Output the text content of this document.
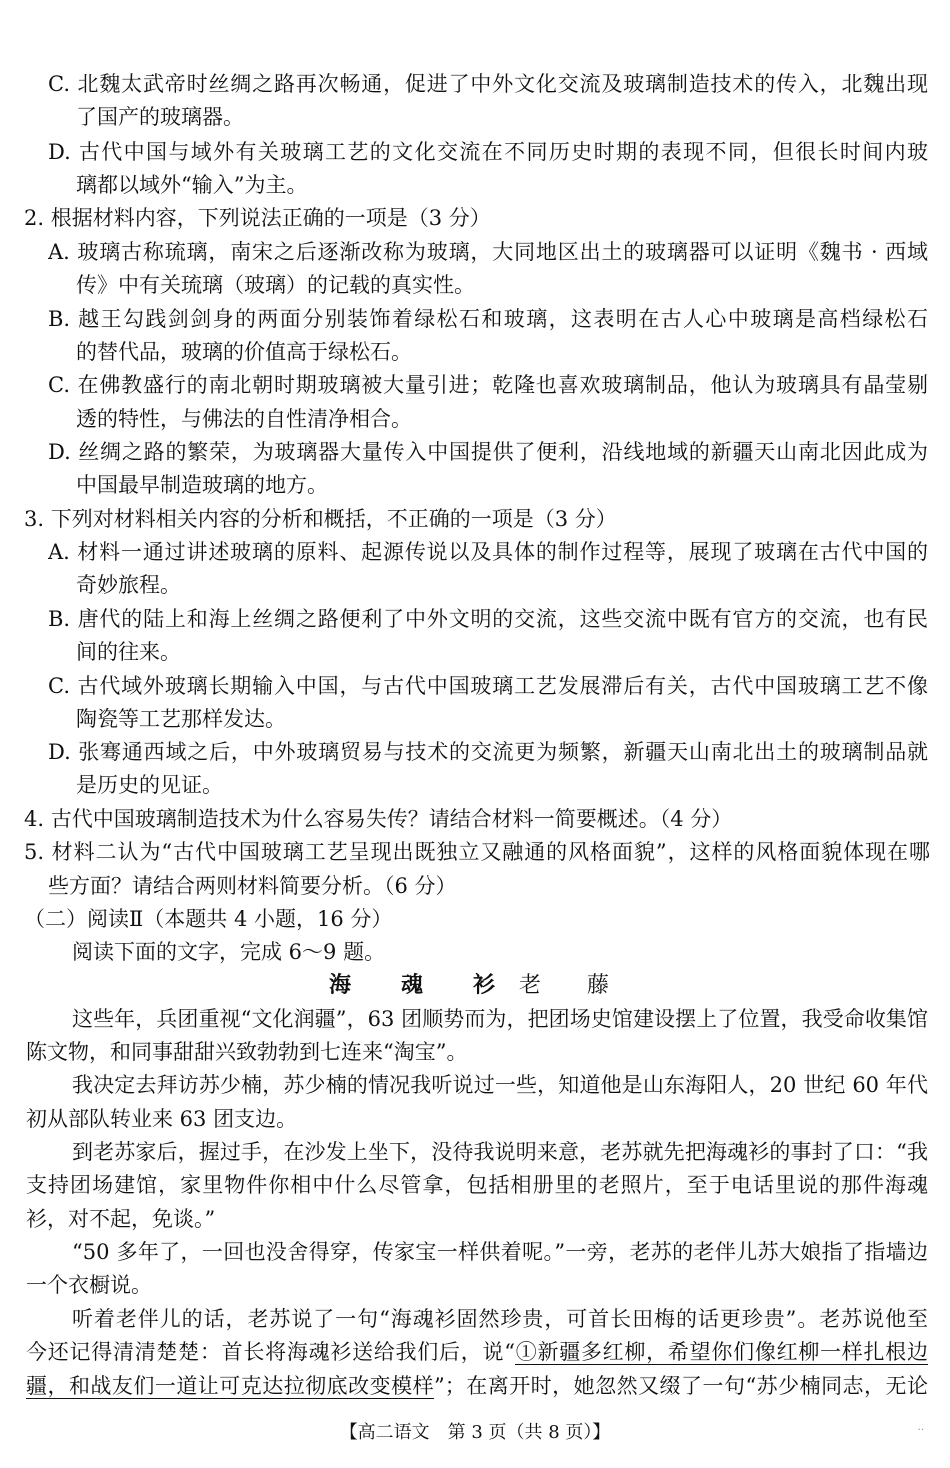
C. 北魏太武帝时丝绸之路再次畅通，促进了中外文化交流及玻璃制造技术的传入，北魏出现
了国产的玻璃器。
D. 古代中国与域外有关玻璃工艺的文化交流在不同历史时期的表现不同，但很长时间内玻
璃都以域外“输入”为主。
2. 根据材料内容，下列说法正确的一项是（3 分）
A. 玻璃古称琉璃，南宋之后逐渐改称为玻璃，大同地区出土的玻璃器可以证明《魏书 · 西域
传》中有关琉璃（玻璃）的记载的真实性。
B. 越王勾践剑剑身的两面分别装饰着绿松石和玻璃，这表明在古人心中玻璃是高档绿松石
的替代品，玻璃的价值高于绿松石。
C. 在佛教盛行的南北朝时期玻璃被大量引进；乾隆也喜欢玻璃制品，他认为玻璃具有晶莹剔
透的特性，与佛法的自性清净相合。
D. 丝绸之路的繁荣，为玻璃器大量传入中国提供了便利，沿线地域的新疆天山南北因此成为
中国最早制造玻璃的地方。
3. 下列对材料相关内容的分析和概括，不正确的一项是（3 分）
A. 材料一通过讲述玻璃的原料、起源传说以及具体的制作过程等，展现了玻璃在古代中国的
奇妙旅程。
B. 唐代的陆上和海上丝绸之路便利了中外文明的交流，这些交流中既有官方的交流，也有民
间的往来。
C. 古代域外玻璃长期输入中国，与古代中国玻璃工艺发展滞后有关，古代中国玻璃工艺不像
陶瓷等工艺那样发达。
D. 张骞通西域之后，中外玻璃贸易与技术的交流更为频繁，新疆天山南北出土的玻璃制品就
是历史的见证。
4. 古代中国玻璃制造技术为什么容易失传？请结合材料一简要概述。（4 分）
5. 材料二认为“古代中国玻璃工艺呈现出既独立又融通的风格面貌”，这样的风格面貌体现在哪
些方面？请结合两则材料简要分析。（6 分）
（二）阅读Ⅱ（本题共 4 小题，16 分）
阅读下面的文字，完成 6～9 题。
海　魂　衫 老　藤
这些年，兵团重视“文化润疆”，63 团顺势而为，把团场史馆建设摆上了位置，我受命收集馆
陈文物，和同事甜甜兴致勃勃到七连来“淘宝”。
我决定去拜访苏少楠，苏少楠的情况我听说过一些，知道他是山东海阳人，20 世纪 60 年代
初从部队转业来 63 团支边。
到老苏家后，握过手，在沙发上坐下，没待我说明来意，老苏就先把海魂衫的事封了口：“我
支持团场建馆，家里物件你相中什么尽管拿，包括相册里的老照片，至于电话里说的那件海魂
衫，对不起，免谈。”
“50 多年了，一回也没舍得穿，传家宝一样供着呢。”一旁，老苏的老伴儿苏大娘指了指墙边
一个衣橱说。
听着老伴儿的话，老苏说了一句“海魂衫固然珍贵，可首长田梅的话更珍贵”。老苏说他至
今还记得清清楚楚：首长将海魂衫送给我们后，说“①新疆多红柳，希望你们像红柳一样扎根边
疆，和战友们一道让可克达拉彻底改变模样”；在离开时，她忽然又缀了一句“苏少楠同志，无论
【高二语文　第 3 页（共 8 页）】	..
